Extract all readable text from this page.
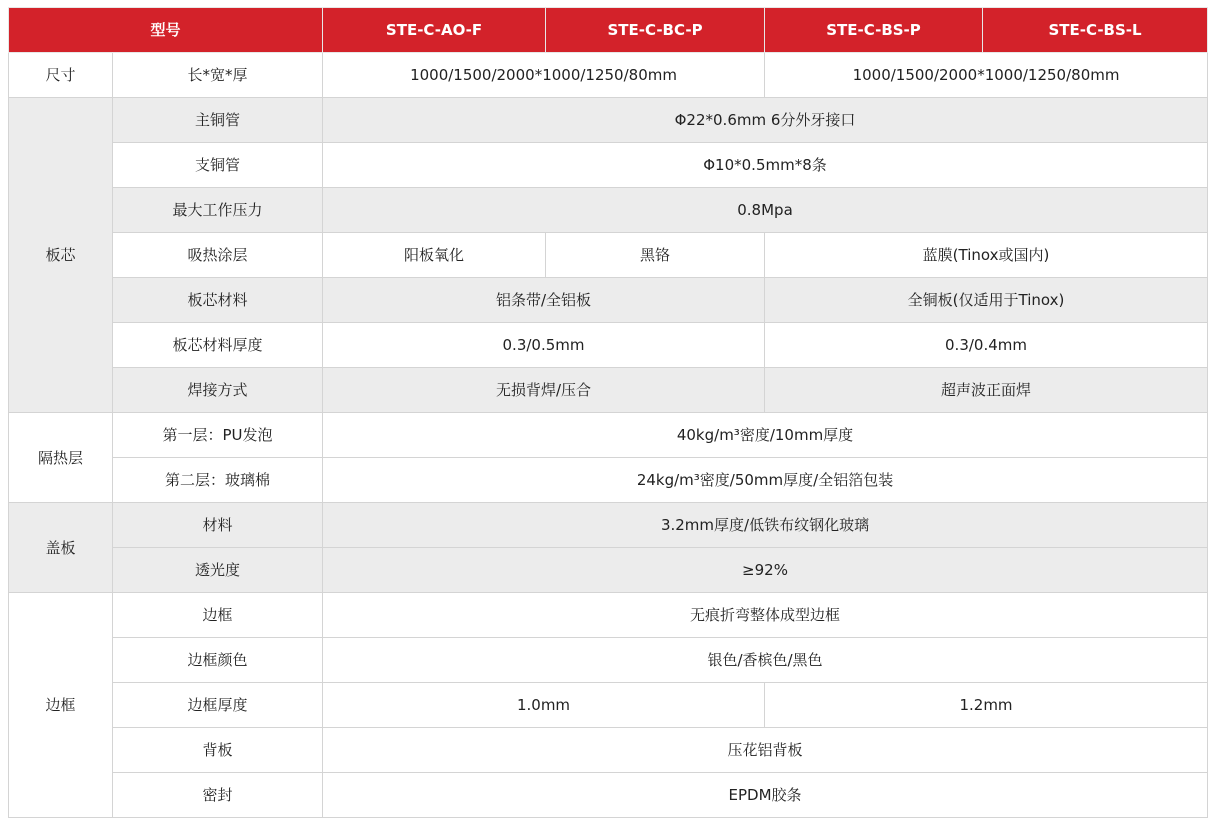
型号		STE-C-AO-F	STE-C-BC-P	STE-C-BS-P	STE-C-BS-L
尺寸	长*宽*厚	1000/1500/2000*1000/1250/80mm		1000/1500/2000*1000/1250/80mm	
板芯	主铜管	Φ22*0.6mm 6分外牙接口			
	支铜管	Φ10*0.5mm*8条			
	最大工作压力	0.8Mpa			
	吸热涂层	阳板氧化	黑铬	蓝膜(Tinox或国内)	
	板芯材料	铝条带/全铝板		全铜板(仅适用于Tinox)	
	板芯材料厚度	0.3/0.5mm		0.3/0.4mm	
	焊接方式	无损背焊/压合		超声波正面焊	
隔热层	第一层：PU发泡	40kg/m³密度/10mm厚度			
	第二层：玻璃棉	24kg/m³密度/50mm厚度/全铝箔包装			
盖板	材料	3.2mm厚度/低铁布纹钢化玻璃			
	透光度	≥92%			
边框	边框	无痕折弯整体成型边框			
	边框颜色	银色/香槟色/黑色			
	边框厚度	1.0mm		1.2mm	
	背板	压花铝背板			
	密封	EPDM胶条			
